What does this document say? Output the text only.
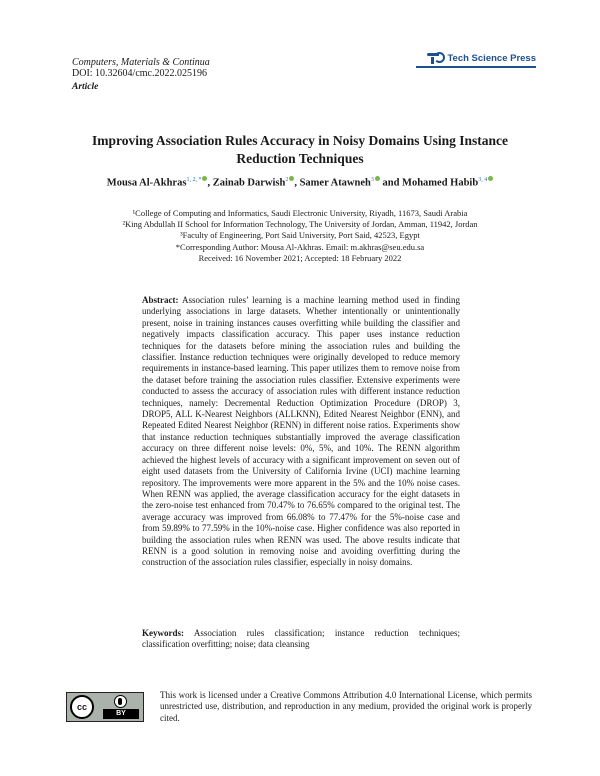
Computers, Materials & Continua
DOI: 10.32604/cmc.2022.025196
Article
Tech Science Press
Improving Association Rules Accuracy in Noisy Domains Using Instance Reduction Techniques
Mousa Al-Akhras$^{1, 2, *}$ , Zainab Darwish$^2$ , Samer Atawneh$^3$ and Mohamed Habib$^{3, 4}$
¹College of Computing and Informatics, Saudi Electronic University, Riyadh, 11673, Saudi Arabia
²King Abdullah II School for Information Technology, The University of Jordan, Amman, 11942, Jordan
³Faculty of Engineering, Port Said University, Port Said, 42523, Egypt
*Corresponding Author: Mousa Al-Akhras. Email: m.akhras@seu.edu.sa
Received: 16 November 2021; Accepted: 18 February 2022
Abstract: Association rules’ learning is a machine learning method used in finding underlying associations in large datasets. Whether intentionally or unintentionally present, noise in training instances causes overfitting while building the classifier and negatively impacts classification accuracy. This paper uses instance reduction techniques for the datasets before mining the association rules and building the classifier. Instance reduction techniques were originally developed to reduce memory requirements in instance-based learning. This paper utilizes them to remove noise from the dataset before training the association rules classifier. Extensive experiments were conducted to assess the accuracy of association rules with different instance reduction techniques, namely: Decremental Reduction Optimization Procedure (DROP) 3, DROP5, ALL K-Nearest Neighbors (ALLKNN), Edited Nearest Neighbor (ENN), and Repeated Edited Nearest Neighbor (RENN) in different noise ratios. Experiments show that instance reduction techniques substantially improved the average classification accuracy on three different noise levels: 0%, 5%, and 10%. The RENN algorithm achieved the highest levels of accuracy with a significant improvement on seven out of eight used datasets from the University of California Irvine (UCI) machine learning repository. The improvements were more apparent in the 5% and the 10% noise cases. When RENN was applied, the average classification accuracy for the eight datasets in the zero-noise test enhanced from 70.47% to 76.65% compared to the original test. The average accuracy was improved from 66.08% to 77.47% for the 5%-noise case and from 59.89% to 77.59% in the 10%-noise case. Higher confidence was also reported in building the association rules when RENN was used. The above results indicate that RENN is a good solution in removing noise and avoiding overfitting during the construction of the association rules classifier, especially in noisy domains.
Keywords: Association rules classification; instance reduction techniques; classification overfitting; noise; data cleansing
cc
BY
This work is licensed under a Creative Commons Attribution 4.0 International License, which permits unrestricted use, distribution, and reproduction in any medium, provided the original work is properly cited.
